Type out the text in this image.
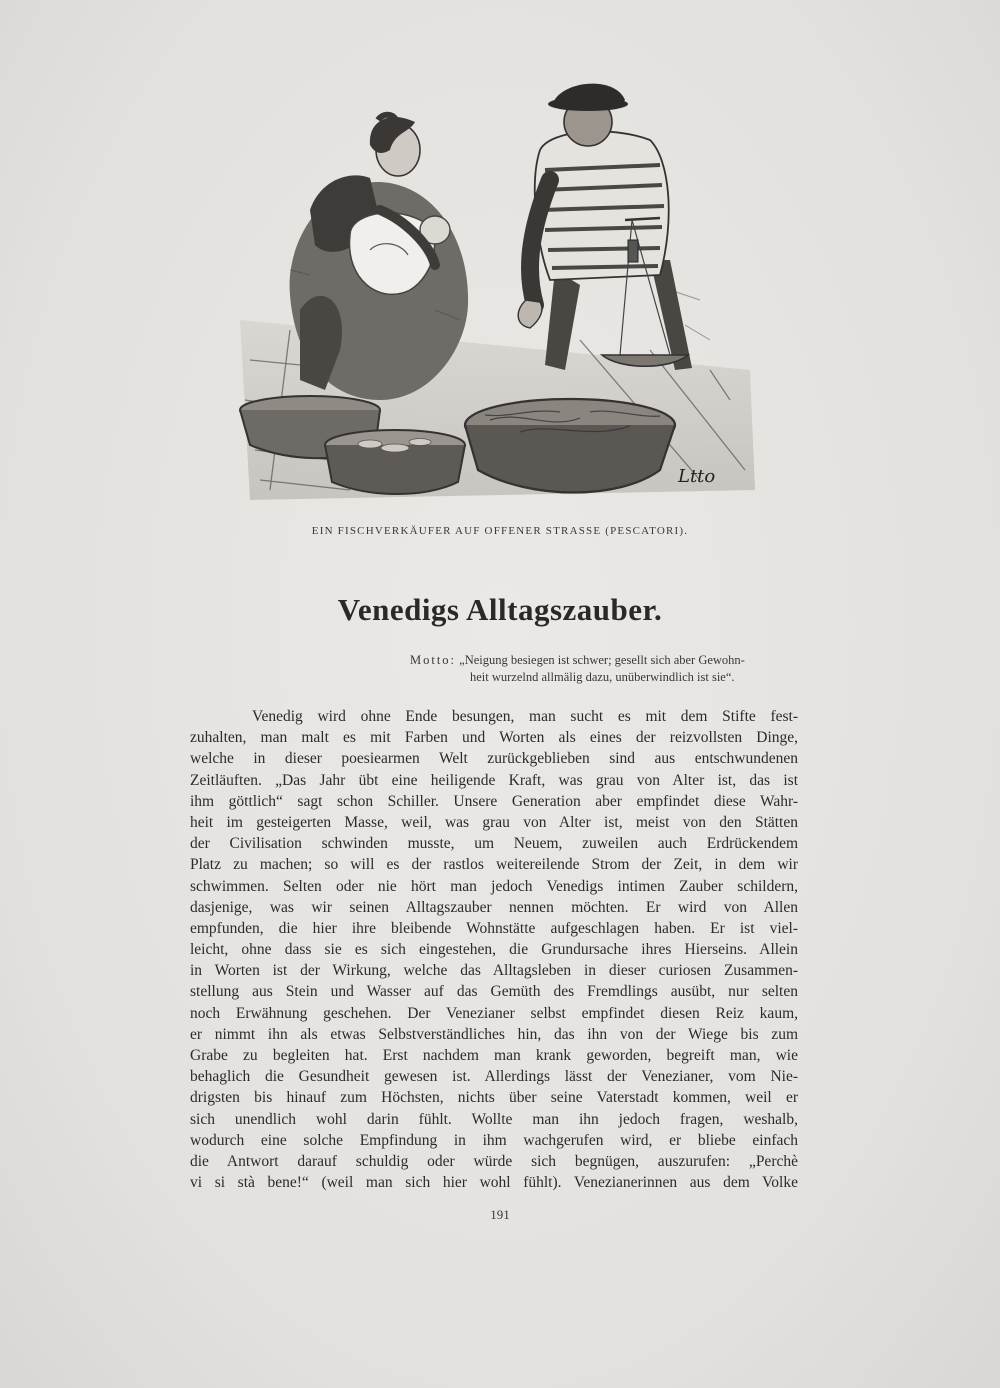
Ltto
EIN FISCHVERKÄUFER AUF OFFENER STRASSE (PESCATORI).
Venedigs Alltagszauber.
Motto: „Neigung besiegen ist schwer; gesellt sich aber Gewohn-
heit wurzelnd allmälig dazu, unüberwindlich ist sie“.
Venedig wird ohne Ende besungen, man sucht es mit dem Stifte fest-
zuhalten, man malt es mit Farben und Worten als eines der reizvollsten Dinge,
welche in dieser poesiearmen Welt zurückgeblieben sind aus entschwundenen
Zeitläuften. „Das Jahr übt eine heiligende Kraft, was grau von Alter ist, das ist
ihm göttlich“ sagt schon Schiller. Unsere Generation aber empfindet diese Wahr-
heit im gesteigerten Masse, weil, was grau von Alter ist, meist von den Stätten
der Civilisation schwinden musste, um Neuem, zuweilen auch Erdrückendem
Platz zu machen; so will es der rastlos weitereilende Strom der Zeit, in dem wir
schwimmen. Selten oder nie hört man jedoch Venedigs intimen Zauber schildern,
dasjenige, was wir seinen Alltagszauber nennen möchten. Er wird von Allen
empfunden, die hier ihre bleibende Wohnstätte aufgeschlagen haben. Er ist viel-
leicht, ohne dass sie es sich eingestehen, die Grundursache ihres Hierseins. Allein
in Worten ist der Wirkung, welche das Alltagsleben in dieser curiosen Zusammen-
stellung aus Stein und Wasser auf das Gemüth des Fremdlings ausübt, nur selten
noch Erwähnung geschehen. Der Venezianer selbst empfindet diesen Reiz kaum,
er nimmt ihn als etwas Selbstverständliches hin, das ihn von der Wiege bis zum
Grabe zu begleiten hat. Erst nachdem man krank geworden, begreift man, wie
behaglich die Gesundheit gewesen ist. Allerdings lässt der Venezianer, vom Nie-
drigsten bis hinauf zum Höchsten, nichts über seine Vaterstadt kommen, weil er
sich unendlich wohl darin fühlt. Wollte man ihn jedoch fragen, weshalb,
wodurch eine solche Empfindung in ihm wachgerufen wird, er bliebe einfach
die Antwort darauf schuldig oder würde sich begnügen, auszurufen: „Perchè
vi si stà bene!“ (weil man sich hier wohl fühlt). Venezianerinnen aus dem Volke
191
